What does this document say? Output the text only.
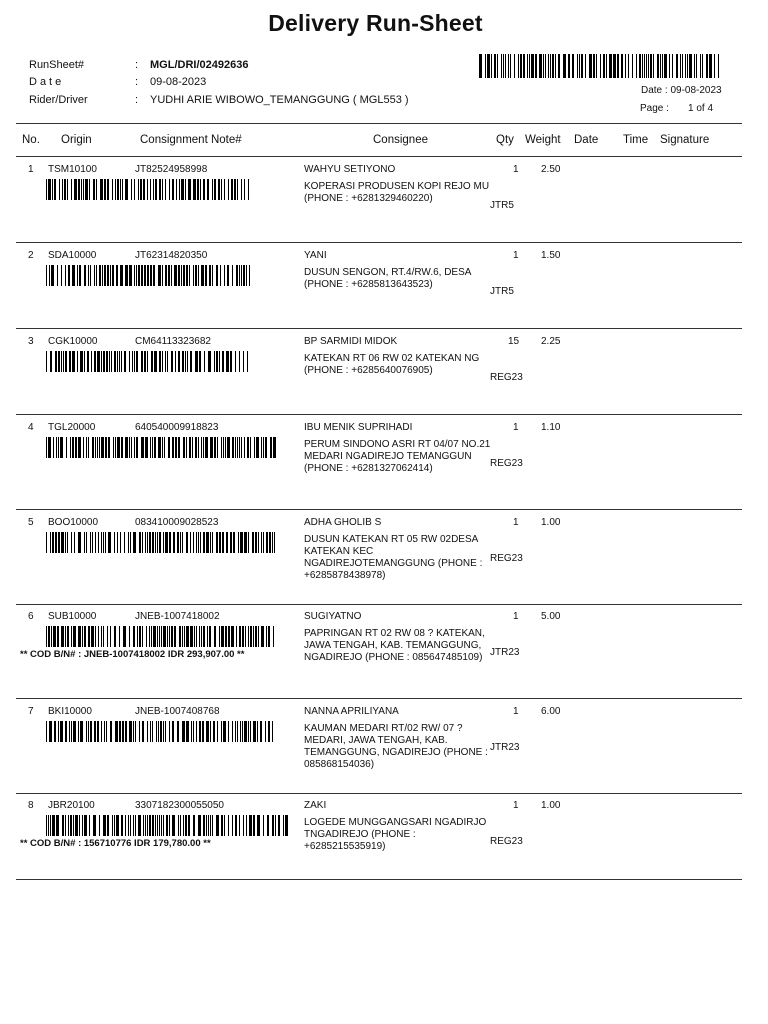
Delivery Run-Sheet
RunSheet#	: MGL/DRI/02492636
Date	: 09-08-2023
Rider/Driver	: YUDHI ARIE WIBOWO_TEMANGGUNG ( MGL553 )
Date : 09-08-2023
Page : 1 of 4
No. Origin	Consignment Note#	Consignee	Qty Weight Date Time Signature
1 TSM10100	JT82524958998	WAHYU SETIYONO
KOPERASI PRODUSEN KOPI REJO MU (PHONE : +6281329460220)
1 2.50
JTR5
2 SDA10000	JT62314820350	YANI
DUSUN SENGON, RT.4/RW.6, DESA (PHONE : +6285813643523)
1 1.50
JTR5
3 CGK10000	CM64113323682	BP SARMIDI MIDOK
KATEKAN RT 06 RW 02 KATEKAN NG (PHONE : +6285640076905)
15 2.25
REG23
4 TGL20000	640540009918823	IBU MENIK SUPRIHADI
PERUM SINDONO ASRI RT 04/07 NO.21 MEDARI NGADIREJO TEMANGGUN (PHONE : +6281327062414)
1 1.10
REG23
5 BOO10000	083410009028523	ADHA GHOLIB S
DUSUN KATEKAN RT 05 RW 02DESA KATEKAN KEC NGADIREJOTEMANGGUNG (PHONE : +6285878438978)
1 1.00
REG23
6 SUB10000	JNEB-1007418002
** COD B/N# : JNEB-1007418002 IDR 293,907.00 **
SUGIYATNO
PAPRINGAN RT 02 RW 08 ? KATEKAN, JAWA TENGAH, KAB. TEMANGGUNG, NGADIREJO (PHONE : 085647485109)
1 5.00
JTR23
7 BKI10000	JNEB-1007408768	NANNA APRILIYANA
KAUMAN MEDARI RT/02 RW/ 07 ? MEDARI, JAWA TENGAH, KAB. TEMANGGUNG, NGADIREJO (PHONE : 085868154036)
1 6.00
JTR23
8 JBR20100	3307182300055050
** COD B/N# : 156710776 IDR 179,780.00 **
ZAKI
LOGEDE MUNGGANGSARI NGADIRJO TNGADIREJO (PHONE : +6285215535919)
1 1.00
REG23
